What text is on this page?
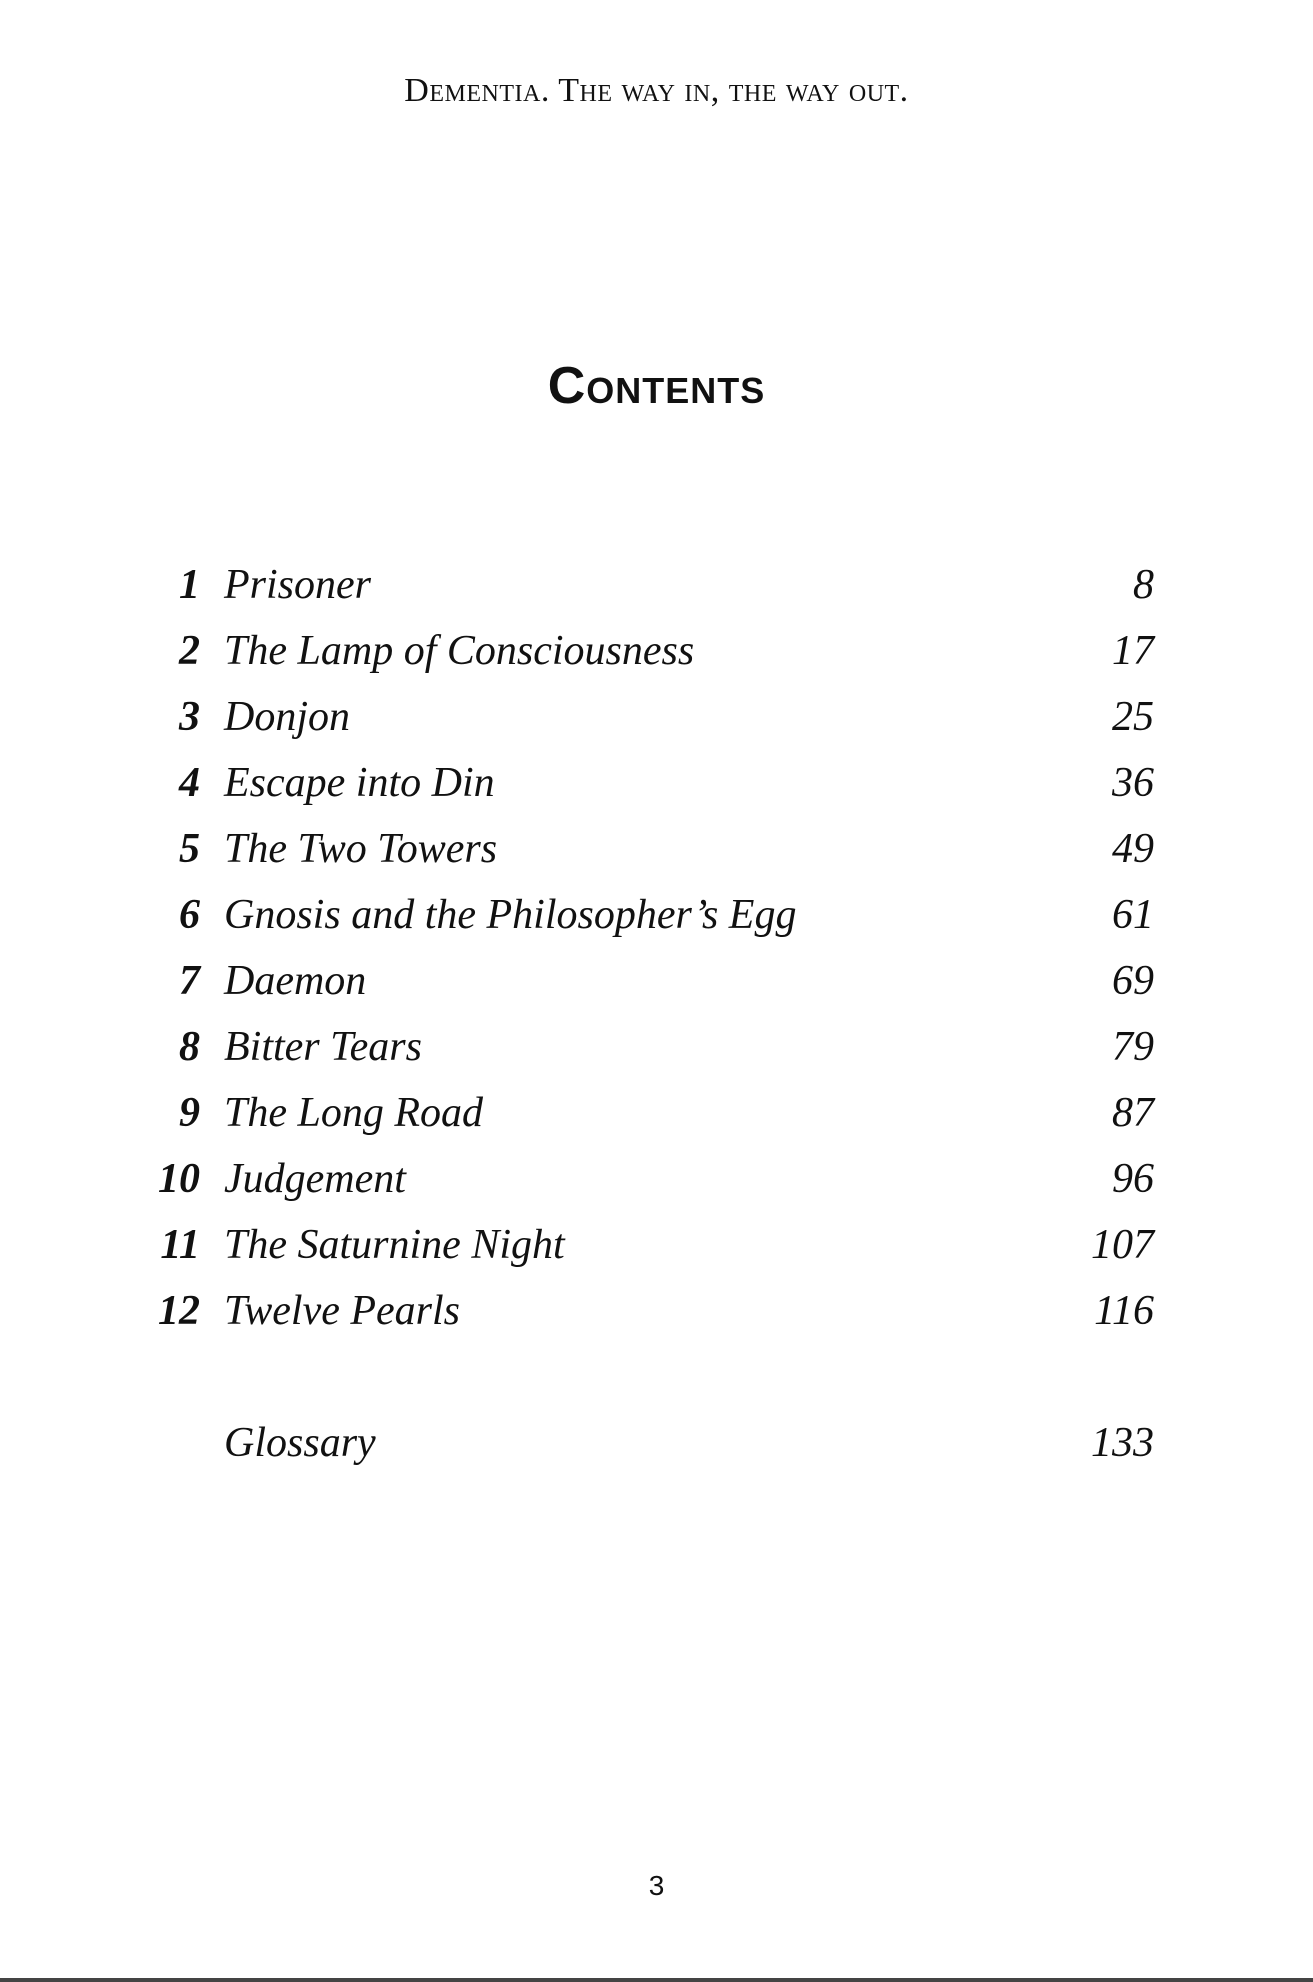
Dementia. The way in, the way out.
Contents
1 Prisoner	8
2 The Lamp of Consciousness	17
3 Donjon	25
4 Escape into Din	36
5 The Two Towers	49
6 Gnosis and the Philosopher’s Egg	61
7 Daemon	69
8 Bitter Tears	79
9 The Long Road	87
10 Judgement	96
11 The Saturnine Night	107
12 Twelve Pearls	116
Glossary	133
3
